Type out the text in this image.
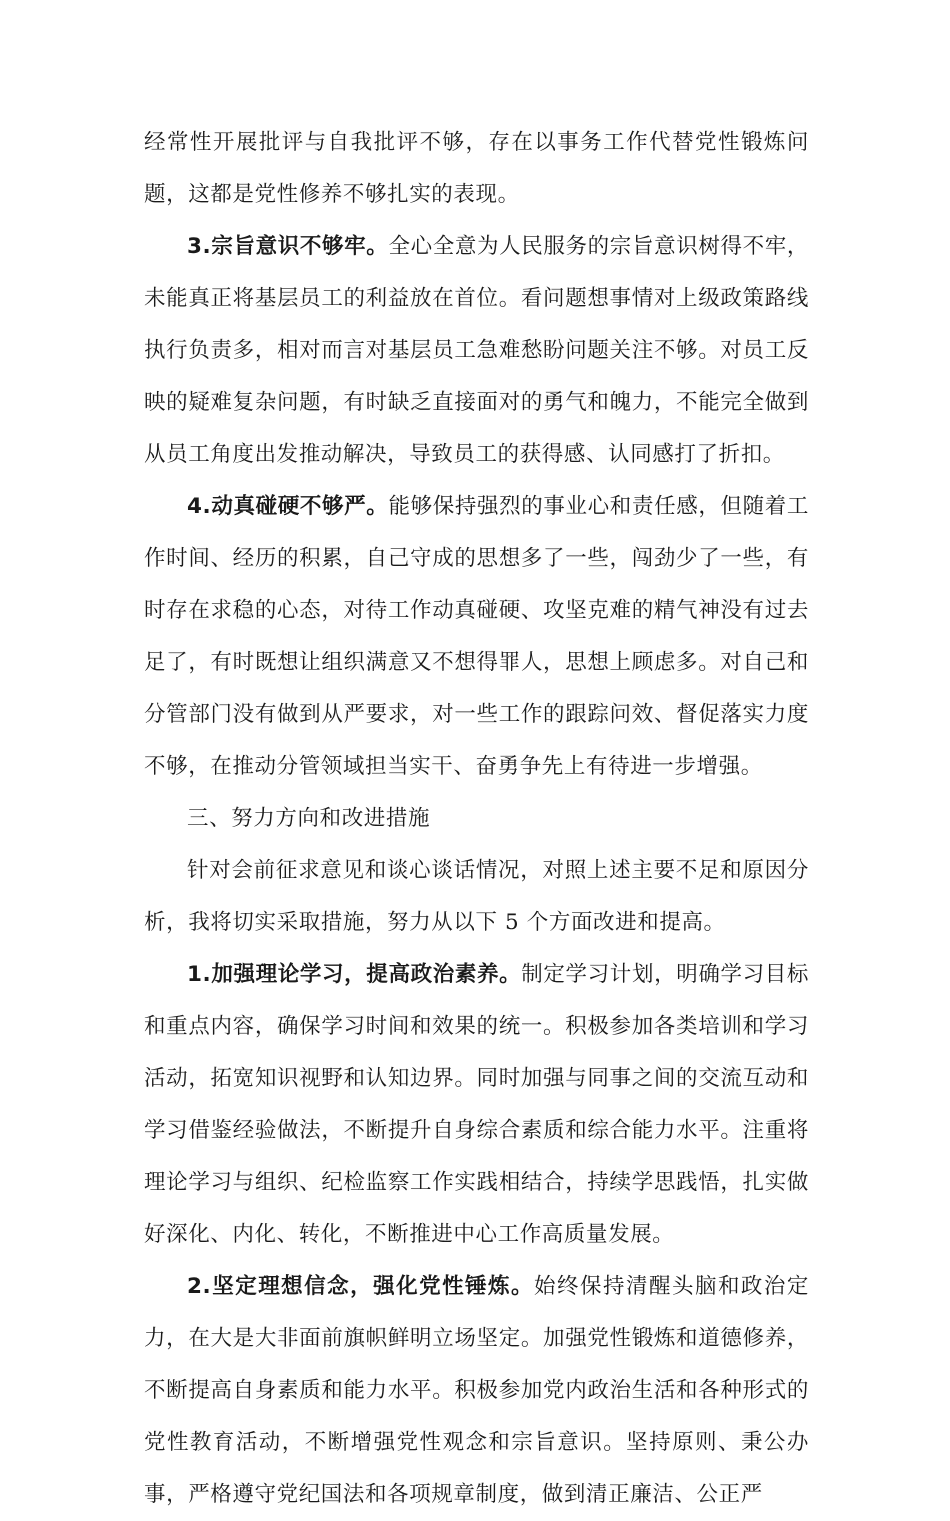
经常性开展批评与自我批评不够，存在以事务工作代替党性锻炼问题，这都是党性修养不够扎实的表现。

3.宗旨意识不够牢。全心全意为人民服务的宗旨意识树得不牢，未能真正将基层员工的利益放在首位。看问题想事情对上级政策路线执行负责多，相对而言对基层员工急难愁盼问题关注不够。对员工反映的疑难复杂问题，有时缺乏直接面对的勇气和魄力，不能完全做到从员工角度出发推动解决，导致员工的获得感、认同感打了折扣。

4.动真碰硬不够严。能够保持强烈的事业心和责任感，但随着工作时间、经历的积累，自己守成的思想多了一些，闯劲少了一些，有时存在求稳的心态，对待工作动真碰硬、攻坚克难的精气神没有过去足了，有时既想让组织满意又不想得罪人，思想上顾虑多。对自己和分管部门没有做到从严要求，对一些工作的跟踪问效、督促落实力度不够，在推动分管领域担当实干、奋勇争先上有待进一步增强。

三、努力方向和改进措施

针对会前征求意见和谈心谈话情况，对照上述主要不足和原因分析，我将切实采取措施，努力从以下 5 个方面改进和提高。

1.加强理论学习，提高政治素养。制定学习计划，明确学习目标和重点内容，确保学习时间和效果的统一。积极参加各类培训和学习活动，拓宽知识视野和认知边界。同时加强与同事之间的交流互动和学习借鉴经验做法，不断提升自身综合素质和综合能力水平。注重将理论学习与组织、纪检监察工作实践相结合，持续学思践悟，扎实做好深化、内化、转化，不断推进中心工作高质量发展。

2.坚定理想信念，强化党性锤炼。始终保持清醒头脑和政治定力，在大是大非面前旗帜鲜明立场坚定。加强党性锻炼和道德修养，不断提高自身素质和能力水平。积极参加党内政治生活和各种形式的党性教育活动，不断增强党性观念和宗旨意识。坚持原则、秉公办事，严格遵守党纪国法和各项规章制度，做到清正廉洁、公正严
